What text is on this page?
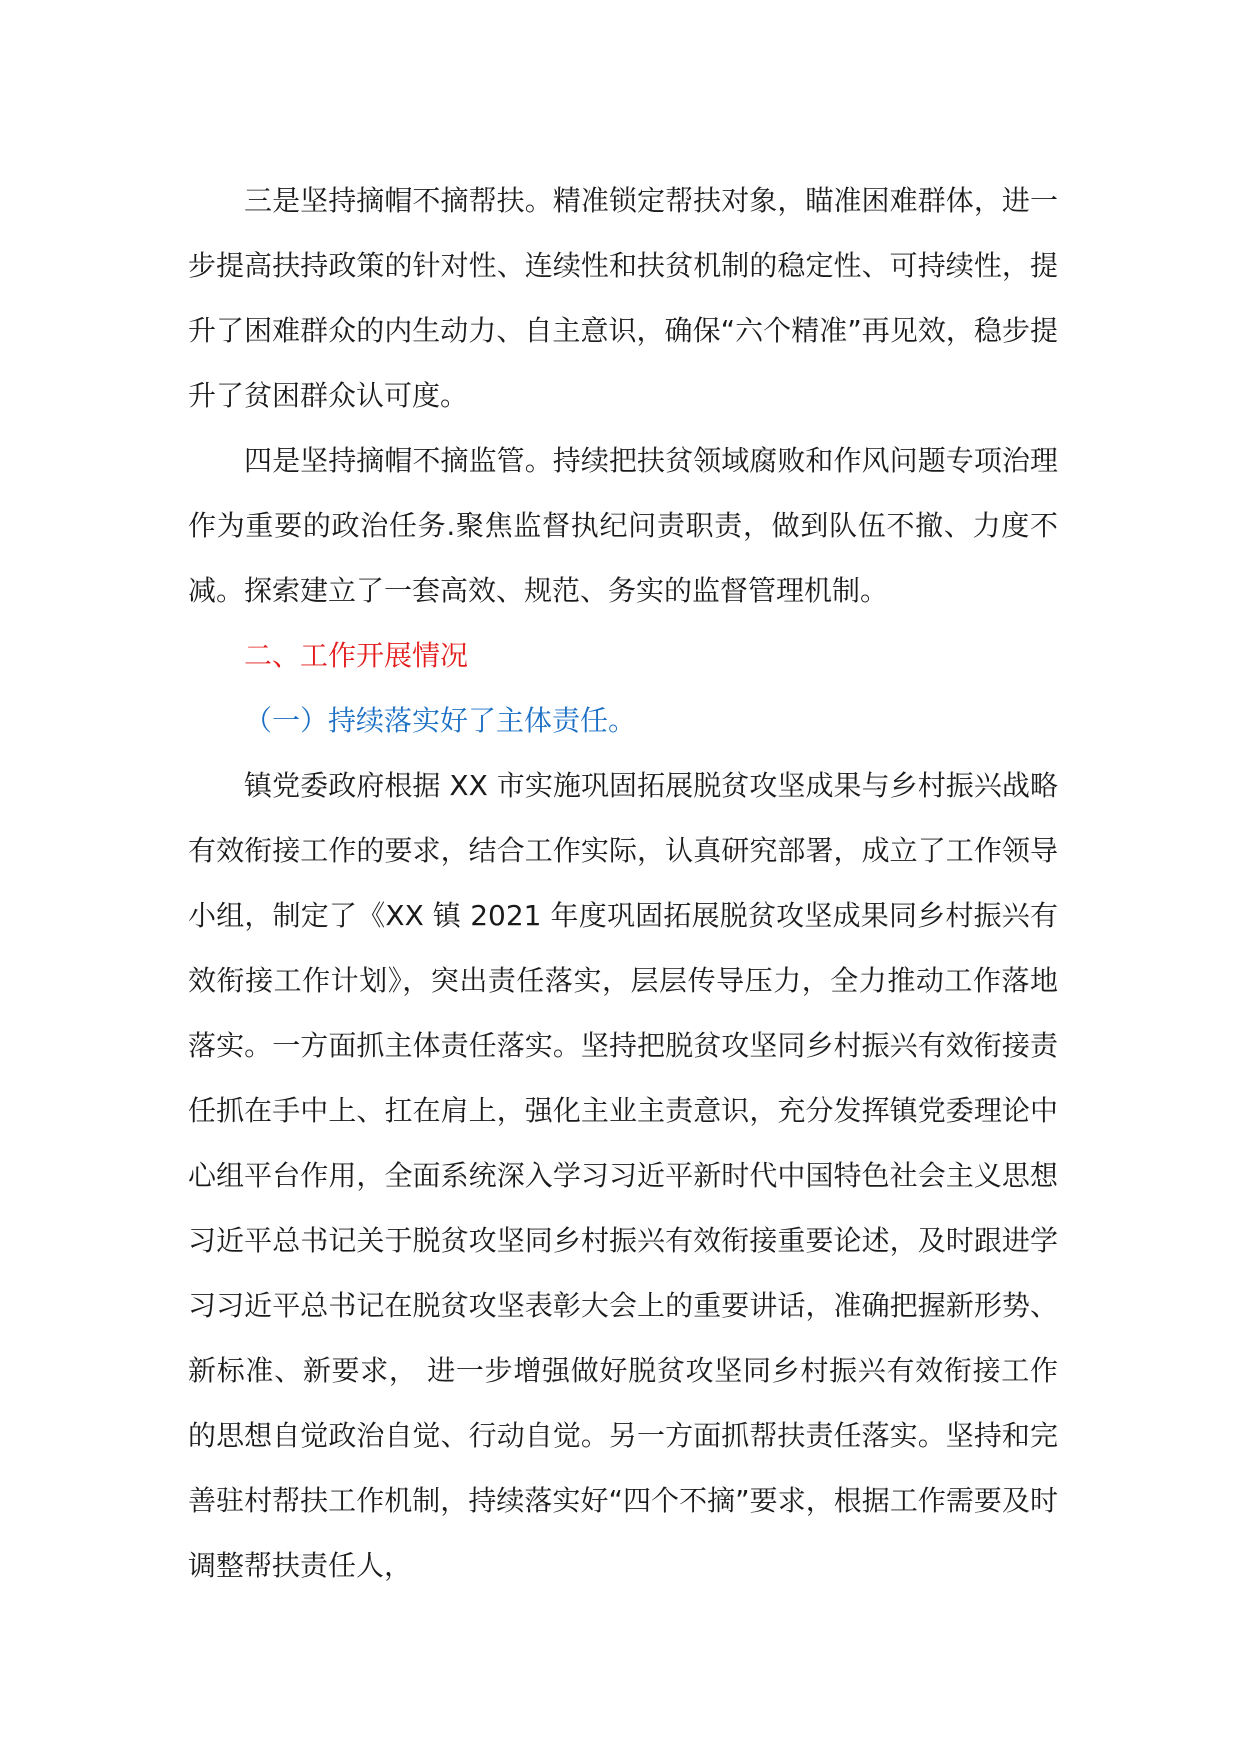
三是坚持摘帽不摘帮扶。精准锁定帮扶对象，瞄准困难群体，进一步提高扶持政策的针对性、连续性和扶贫机制的稳定性、可持续性，提升了困难群众的内生动力、自主意识，确保“六个精准”再见效，稳步提升了贫困群众认可度。

四是坚持摘帽不摘监管。持续把扶贫领域腐败和作风问题专项治理作为重要的政治任务.聚焦监督执纪问责职责，做到队伍不撤、力度不减。探索建立了一套高效、规范、务实的监督管理机制。

二、工作开展情况

（一）持续落实好了主体责任。

镇党委政府根据 XX 市实施巩固拓展脱贫攻坚成果与乡村振兴战略有效衔接工作的要求，结合工作实际，认真研究部署，成立了工作领导小组，制定了《XX 镇 2021 年度巩固拓展脱贫攻坚成果同乡村振兴有效衔接工作计划》，突出责任落实，层层传导压力，全力推动工作落地落实。一方面抓主体责任落实。坚持把脱贫攻坚同乡村振兴有效衔接责任抓在手中上、扛在肩上，强化主业主责意识，充分发挥镇党委理论中心组平台作用，全面系统深入学习习近平新时代中国特色社会主义思想习近平总书记关于脱贫攻坚同乡村振兴有效衔接重要论述，及时跟进学习习近平总书记在脱贫攻坚表彰大会上的重要讲话，准确把握新形势、新标准、新要求， 进一步增强做好脱贫攻坚同乡村振兴有效衔接工作的思想自觉政治自觉、行动自觉。另一方面抓帮扶责任落实。坚持和完善驻村帮扶工作机制，持续落实好“四个不摘”要求，根据工作需要及时调整帮扶责任人，
